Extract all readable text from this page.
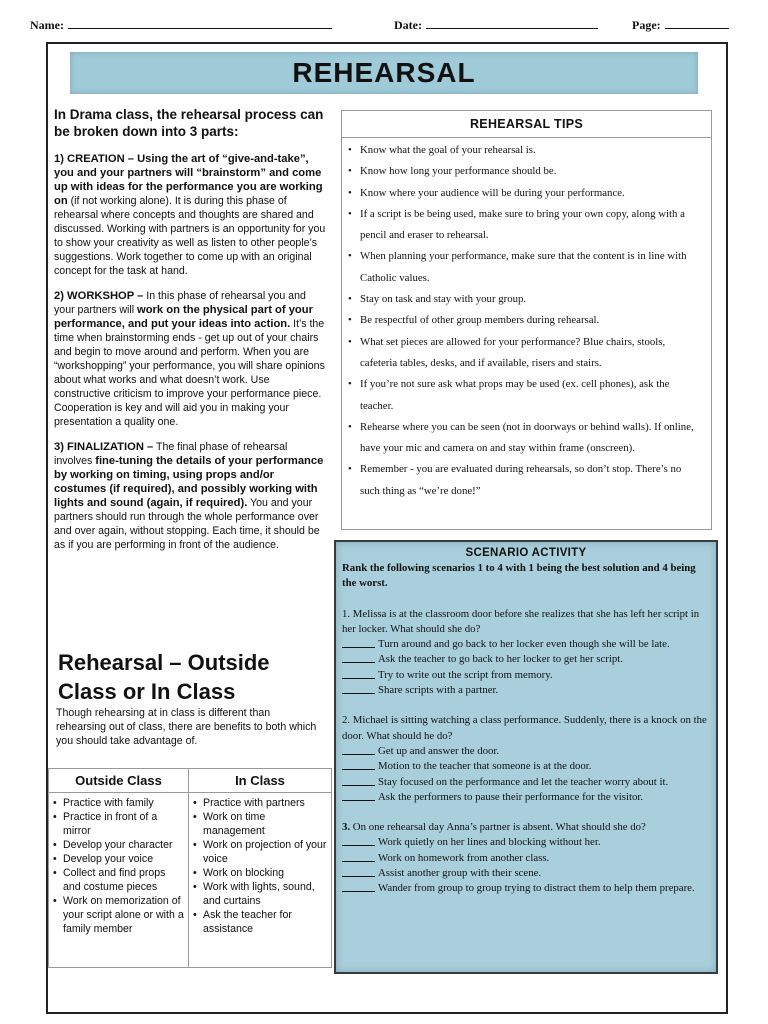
Name:	Date:	Page:
REHEARSAL

In Drama class, the rehearsal process can be broken down into 3 parts:

1) CREATION – Using the art of “give-and-take”, you and your partners will “brainstorm” and come up with ideas for the performance you are working on (if not working alone). It is during this phase of rehearsal where concepts and thoughts are shared and discussed. Working with partners is an opportunity for you to show your creativity as well as listen to other people’s suggestions. Work together to come up with an original concept for the task at hand.

2) WORKSHOP – In this phase of rehearsal you and your partners will work on the physical part of your performance, and put your ideas into action. It’s the time when brainstorming ends - get up out of your chairs and begin to move around and perform. When you are “workshopping” your performance, you will share opinions about what works and what doesn’t work. Use constructive criticism to improve your performance piece. Cooperation is key and will aid you in making your presentation a quality one.

3) FINALIZATION – The final phase of rehearsal involves fine-tuning the details of your performance by working on timing, using props and/or costumes (if required), and possibly working with lights and sound (again, if required). You and your partners should run through the whole performance over and over again, without stopping. Each time, it should be as if you are performing in front of the audience.

Rehearsal – Outside Class or In Class

Though rehearsing at in class is different than rehearsing out of class, there are benefits to both which you should take advantage of.

Outside Class
• Practice with family
• Practice in front of a mirror
• Develop your character
• Develop your voice
• Collect and find props and costume pieces
• Work on memorization of your script alone or with a family member
In Class
• Practice with partners
• Work on time management
• Work on projection of your voice
• Work on blocking
• Work with lights, sound, and curtains
• Ask the teacher for assistance
REHEARSAL TIPS
• Know what the goal of your rehearsal is.
• Know how long your performance should be.
• Know where your audience will be during your performance.
• If a script is be being used, make sure to bring your own copy, along with a pencil and eraser to rehearsal.
• When planning your performance, make sure that the content is in line with Catholic values.
• Stay on task and stay with your group.
• Be respectful of other group members during rehearsal.
• What set pieces are allowed for your performance? Blue chairs, stools, cafeteria tables, desks, and if available, risers and stairs.
• If you’re not sure ask what props may be used (ex. cell phones), ask the teacher.
• Rehearse where you can be seen (not in doorways or behind walls). If online, have your mic and camera on and stay within frame (onscreen).
• Remember - you are evaluated during rehearsals, so don’t stop. There’s no such thing as “we’re done!”
SCENARIO ACTIVITY
Rank the following scenarios 1 to 4 with 1 being the best solution and 4 being the worst.
1. Melissa is at the classroom door before she realizes that she has left her script in her locker. What should she do?
Turn around and go back to her locker even though she will be late.
Ask the teacher to go back to her locker to get her script.
Try to write out the script from memory.
Share scripts with a partner.
2. Michael is sitting watching a class performance. Suddenly, there is a knock on the door. What should he do?
Get up and answer the door.
Motion to the teacher that someone is at the door.
Stay focused on the performance and let the teacher worry about it.
Ask the performers to pause their performance for the visitor.
3. On one rehearsal day Anna’s partner is absent. What should she do?
Work quietly on her lines and blocking without her.
Work on homework from another class.
Assist another group with their scene.
Wander from group to group trying to distract them to help them prepare.
